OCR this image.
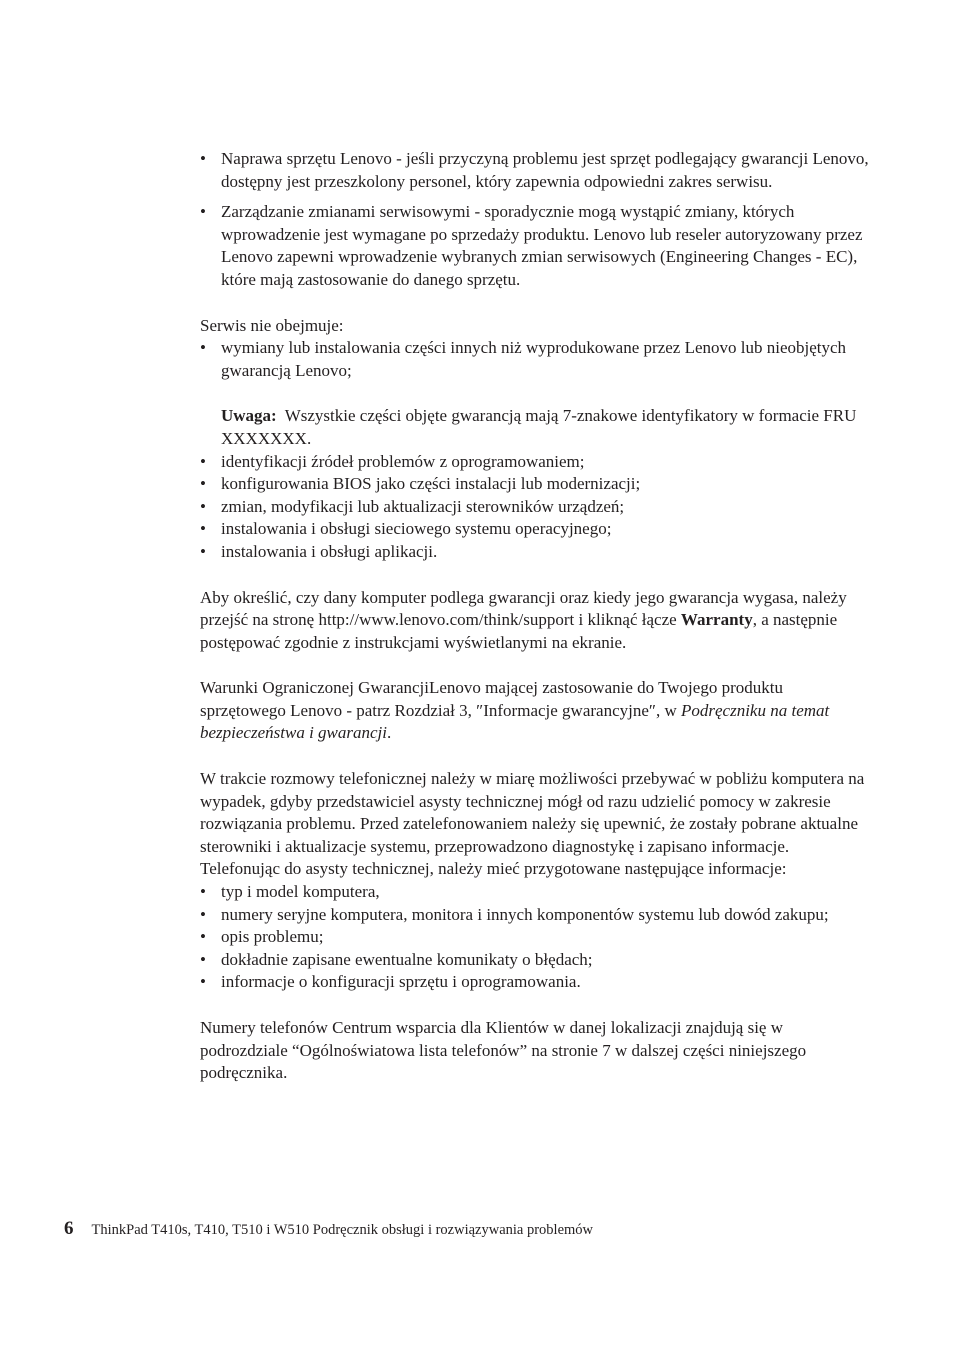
• Naprawa sprzętu Lenovo - jeśli przyczyną problemu jest sprzęt podlegający gwarancji Lenovo, dostępny jest przeszkolony personel, który zapewnia odpowiedni zakres serwisu.
• Zarządzanie zmianami serwisowymi - sporadycznie mogą wystąpić zmiany, których wprowadzenie jest wymagane po sprzedaży produktu. Lenovo lub reseler autoryzowany przez Lenovo zapewni wprowadzenie wybranych zmian serwisowych (Engineering Changes - EC), które mają zastosowanie do danego sprzętu.

Serwis nie obejmuje:

• wymiany lub instalowania części innych niż wyprodukowane przez Lenovo lub nieobjętych gwarancją Lenovo;

Uwaga: Wszystkie części objęte gwarancją mają 7-znakowe identyfikatory w formacie FRU XXXXXXX.

• identyfikacji źródeł problemów z oprogramowaniem;
• konfigurowania BIOS jako części instalacji lub modernizacji;
• zmian, modyfikacji lub aktualizacji sterowników urządzeń;
• instalowania i obsługi sieciowego systemu operacyjnego;
• instalowania i obsługi aplikacji.

Aby określić, czy dany komputer podlega gwarancji oraz kiedy jego gwarancja wygasa, należy przejść na stronę http://www.lenovo.com/think/support i kliknąć łącze Warranty, a następnie postępować zgodnie z instrukcjami wyświetlanymi na ekranie.

Warunki Ograniczonej GwarancjiLenovo mającej zastosowanie do Twojego produktu sprzętowego Lenovo - patrz Rozdział 3, ″Informacje gwarancyjne″, w Podręczniku na temat bezpieczeństwa i gwarancji.

W trakcie rozmowy telefonicznej należy w miarę możliwości przebywać w pobliżu komputera na wypadek, gdyby przedstawiciel asysty technicznej mógł od razu udzielić pomocy w zakresie rozwiązania problemu. Przed zatelefonowaniem należy się upewnić, że zostały pobrane aktualne sterowniki i aktualizacje systemu, przeprowadzono diagnostykę i zapisano informacje. Telefonując do asysty technicznej, należy mieć przygotowane następujące informacje:

• typ i model komputera,
• numery seryjne komputera, monitora i innych komponentów systemu lub dowód zakupu;
• opis problemu;
• dokładnie zapisane ewentualne komunikaty o błędach;
• informacje o konfiguracji sprzętu i oprogramowania.

Numery telefonów Centrum wsparcia dla Klientów w danej lokalizacji znajdują się w podrozdziale “Ogólnoświatowa lista telefonów” na stronie 7 w dalszej części niniejszego podręcznika.

6 ThinkPad T410s, T410, T510 i W510 Podręcznik obsługi i rozwiązywania problemów
